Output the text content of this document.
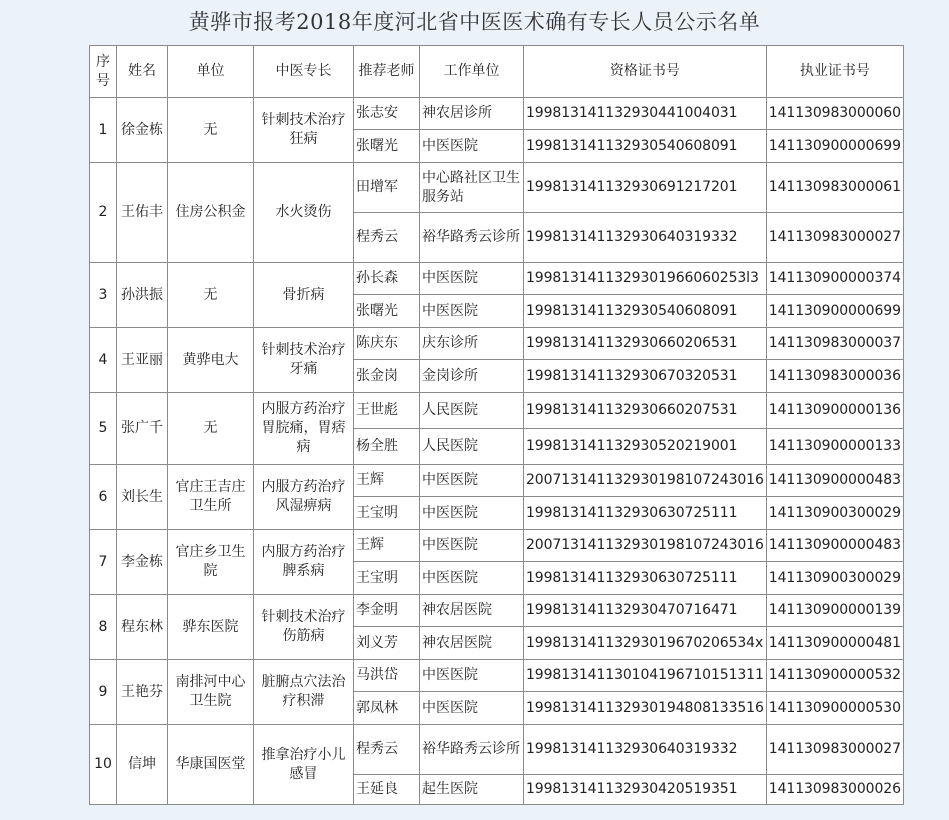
黄骅市报考2018年度河北省中医医术确有专长人员公示名单
序号	姓名	单位	中医专长	推荐老师	工作单位	资格证书号	执业证书号
1	徐金栋	无	针刺技术治疗狂病	张志安	神农居诊所	199813141132930441004031	141130983000060
				张曙光	中医医院	199813141132930540608091	141130900000699
2	王佑丰	住房公积金	水火烫伤	田增军	中心路社区卫生服务站	199813141132930691217201	141130983000061
				程秀云	裕华路秀云诊所	199813141132930640319332	141130983000027
3	孙洪振	无	骨折病	孙长森	中医医院	1998131411329301966060253l3	141130900000374
				张曙光	中医医院	199813141132930540608091	141130900000699
4	王亚丽	黄骅电大	针刺技术治疗牙痛	陈庆东	庆东诊所	199813141132930660206531	141130983000037
				张金岗	金岗诊所	199813141132930670320531	141130983000036
5	张广千	无	内服方药治疗胃脘痛，胃痞病	王世彪	人民医院	199813141132930660207531	141130900000136
				杨全胜	人民医院	199813141132930520219001	141130900000133
6	刘长生	官庄王吉庄卫生所	内服方药治疗风湿痹病	王辉	中医医院	200713141132930198107243016	141130900000483
				王宝明	中医医院	199813141132930630725111	141130900300029
7	李金栋	官庄乡卫生院	内服方药治疗脾系病	王辉	中医医院	200713141132930198107243016	141130900000483
				王宝明	中医医院	199813141132930630725111	141130900300029
8	程东林	骅东医院	针刺技术治疗伤筋病	李金明	神农居医院	199813141132930470716471	141130900000139
				刘义芳	神农居医院	19981314113293019670206534x	141130900000481
9	王艳芬	南排河中心卫生院	脏腑点穴法治疗积滞	马洪岱	中医医院	199813141130104196710151311	141130900000532
				郭凤林	中医医院	199813141132930194808133516	141130900000530
10	信坤	华康国医堂	推拿治疗小儿感冒	程秀云	裕华路秀云诊所	199813141132930640319332	141130983000027
				王延良	起生医院	199813141132930420519351	141130983000026
